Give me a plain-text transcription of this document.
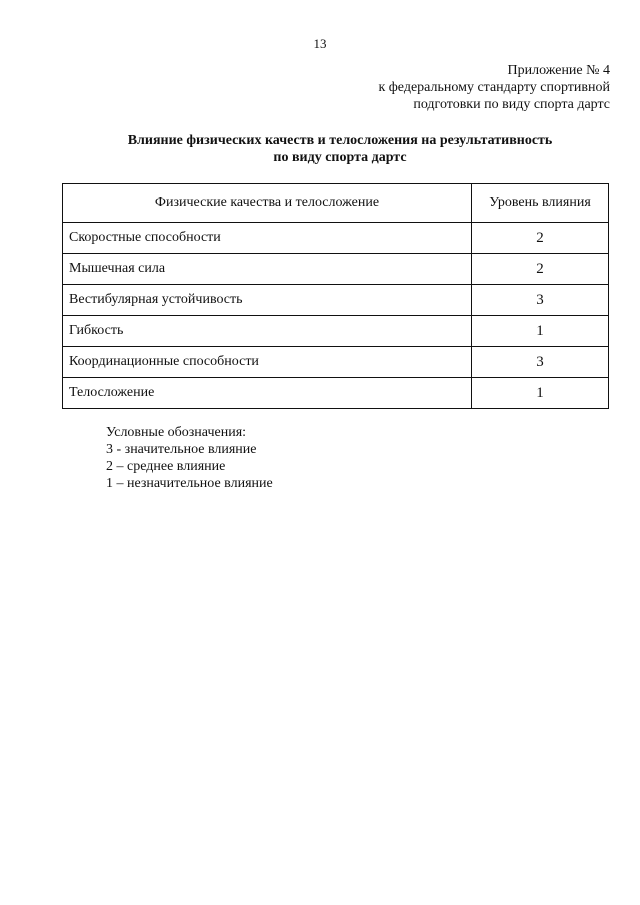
13
Приложение № 4
к федеральному стандарту спортивной
подготовки по виду спорта дартс
Влияние физических качеств и телосложения на результативность
по виду спорта дартс
Физические качества и телосложение	Уровень влияния
Скоростные способности	2
Мышечная сила	2
Вестибулярная устойчивость	3
Гибкость	1
Координационные способности	3
Телосложение	1
Условные обозначения:
3 - значительное влияние
2 – среднее влияние
1 – незначительное влияние
